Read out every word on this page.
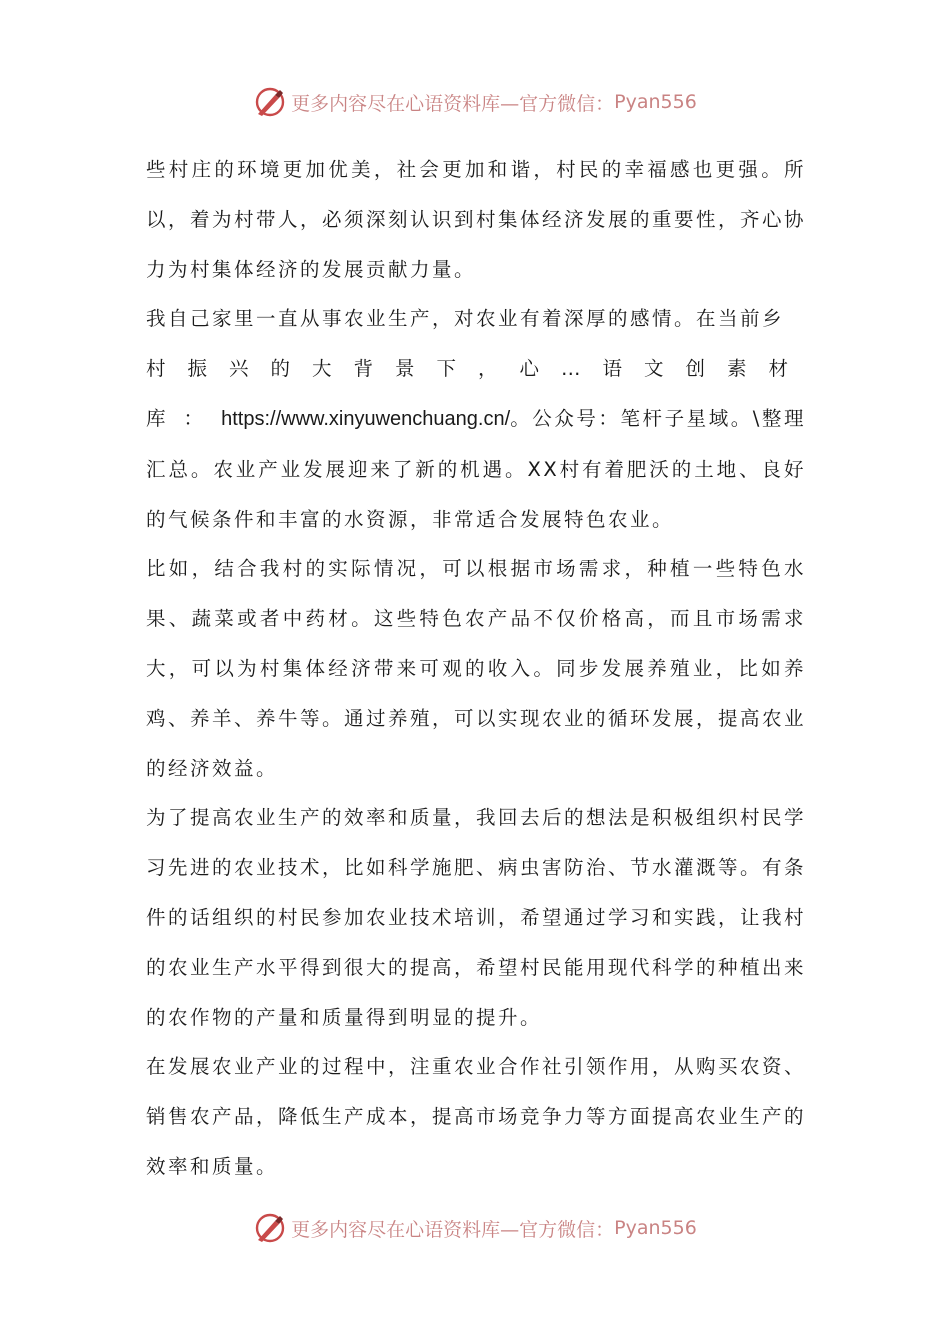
更多内容尽在心语资料库—官方微信： Pyan556

些村庄的环境更加优美，社会更加和谐，村民的幸福感也更强。所以，着为村带人，必须深刻认识到村集体经济发展的重要性，齐心协力为村集体经济的发展贡献力量。

我自己家里一直从事农业生产，对农业有着深厚的感情。在当前乡
村振兴的大背景下，心…语文创素材库：https://www.xinyuwenchuang.cn/。公众号：笔杆子星域。\整理汇总。农业产业发展迎来了新的机遇。XX村有着肥沃的土地、良好的气候条件和丰富的水资源，非常适合发展特色农业。

比如，结合我村的实际情况，可以根据市场需求，种植一些特色水果、蔬菜或者中药材。这些特色农产品不仅价格高，而且市场需求大，可以为村集体经济带来可观的收入。同步发展养殖业，比如养鸡、养羊、养牛等。通过养殖，可以实现农业的循环发展，提高农业的经济效益。

为了提高农业生产的效率和质量，我回去后的想法是积极组织村民学习先进的农业技术，比如科学施肥、病虫害防治、节水灌溉等。有条件的话组织的村民参加农业技术培训，希望通过学习和实践，让我村的农业生产水平得到很大的提高，希望村民能用现代科学的种植出来的农作物的产量和质量得到明显的提升。

在发展农业产业的过程中，注重农业合作社引领作用，从购买农资、销售农产品，降低生产成本，提高市场竞争力等方面提高农业生产的效率和质量。

更多内容尽在心语资料库—官方微信： Pyan556
